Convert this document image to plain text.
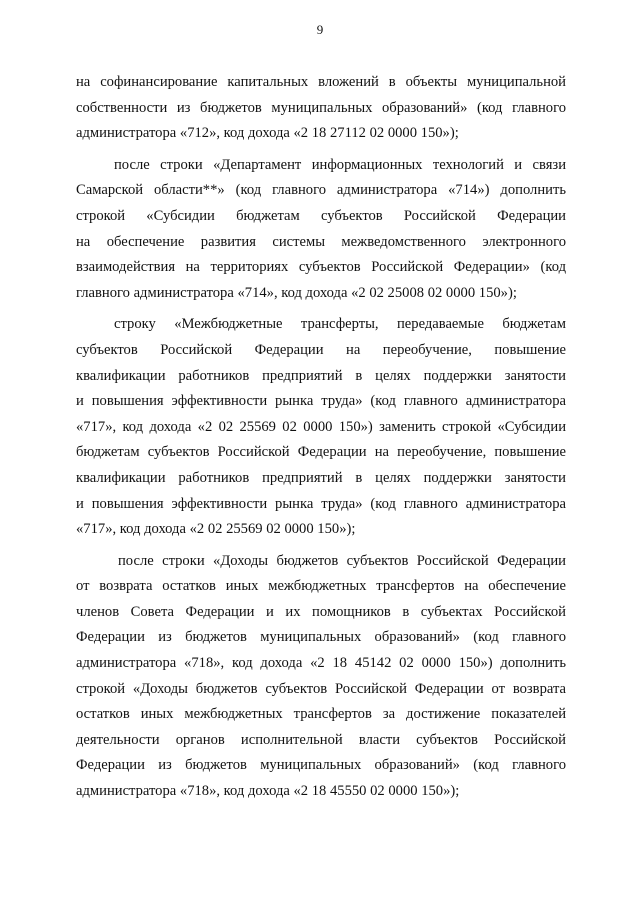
9
на софинансирование капитальных вложений в объекты муниципальной
собственности из бюджетов муниципальных образований» (код главного
администратора «712», код дохода «2 18 27112 02 0000 150»);
после строки «Департамент информационных технологий и связи
Самарской области**» (код главного администратора «714») дополнить
строкой «Субсидии бюджетам субъектов Российской Федерации
на обеспечение развития системы межведомственного электронного
взаимодействия на территориях субъектов Российской Федерации» (код
главного администратора «714», код дохода «2 02 25008 02 0000 150»);
строку «Межбюджетные трансферты, передаваемые бюджетам
субъектов Российской Федерации на переобучение, повышение
квалификации работников предприятий в целях поддержки занятости
и повышения эффективности рынка труда» (код главного администратора
«717», код дохода «2 02 25569 02 0000 150») заменить строкой «Субсидии
бюджетам субъектов Российской Федерации на переобучение, повышение
квалификации работников предприятий в целях поддержки занятости
и повышения эффективности рынка труда» (код главного администратора
«717», код дохода «2 02 25569 02 0000 150»);
после строки «Доходы бюджетов субъектов Российской Федерации
от возврата остатков иных межбюджетных трансфертов на обеспечение
членов Совета Федерации и их помощников в субъектах Российской
Федерации из бюджетов муниципальных образований» (код главного
администратора «718», код дохода «2 18 45142 02 0000 150») дополнить
строкой «Доходы бюджетов субъектов Российской Федерации от возврата
остатков иных межбюджетных трансфертов за достижение показателей
деятельности органов исполнительной власти субъектов Российской
Федерации из бюджетов муниципальных образований» (код главного
администратора «718», код дохода «2 18 45550 02 0000 150»);
